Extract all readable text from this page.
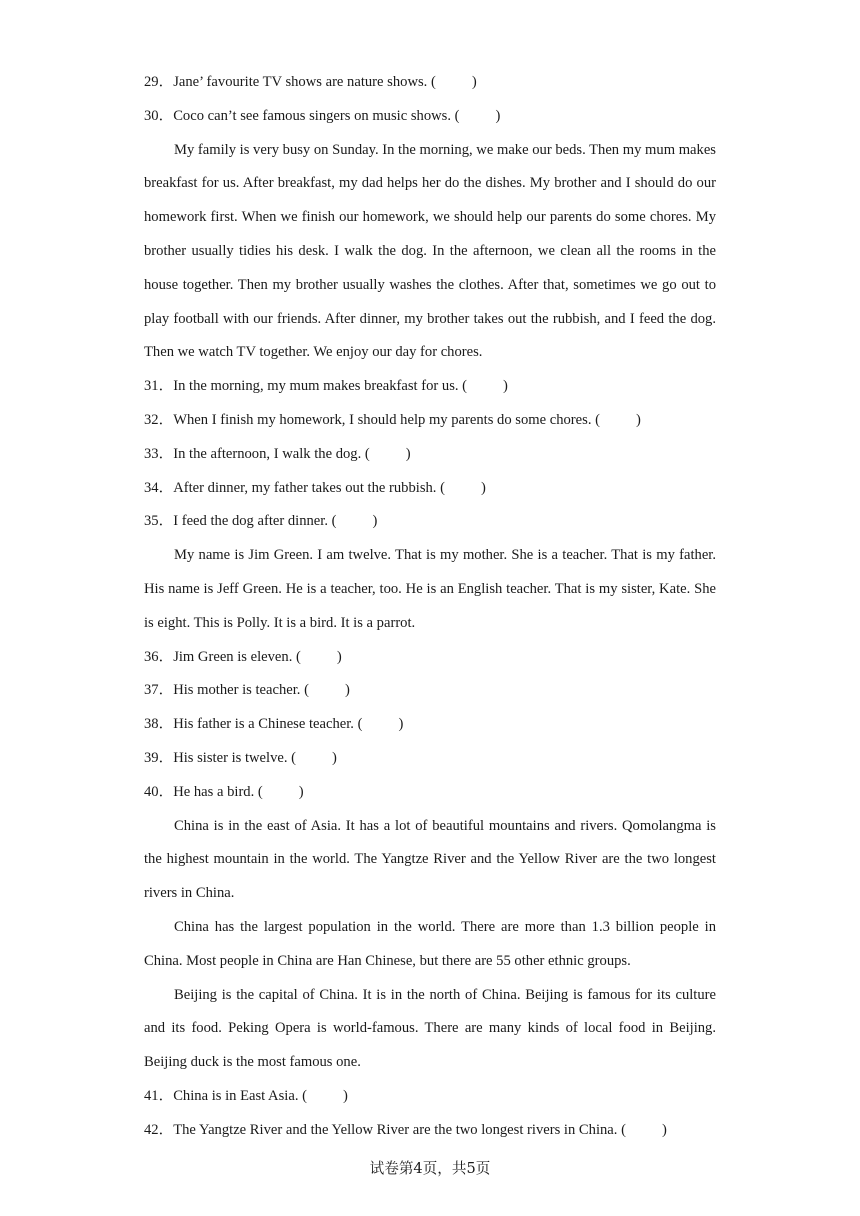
29．Jane’ favourite TV shows are nature shows. ( )

30．Coco can’t see famous singers on music shows. ( )

My family is very busy on Sunday. In the morning, we make our beds. Then my mum makes breakfast for us. After breakfast, my dad helps her do the dishes. My brother and I should do our homework first. When we finish our homework, we should help our parents do some chores. My brother usually tidies his desk. I walk the dog. In the afternoon, we clean all the rooms in the house together. Then my brother usually washes the clothes. After that, sometimes we go out to play football with our friends. After dinner, my brother takes out the rubbish, and I feed the dog. Then we watch TV together. We enjoy our day for chores.

31．In the morning, my mum makes breakfast for us. ( )

32．When I finish my homework, I should help my parents do some chores. ( )

33．In the afternoon, I walk the dog. ( )

34．After dinner, my father takes out the rubbish. ( )

35．I feed the dog after dinner. ( )

My name is Jim Green. I am twelve. That is my mother. She is a teacher. That is my father. His name is Jeff Green. He is a teacher, too. He is an English teacher. That is my sister, Kate. She is eight. This is Polly. It is a bird. It is a parrot.

36．Jim Green is eleven. ( )

37．His mother is teacher. ( )

38．His father is a Chinese teacher. ( )

39．His sister is twelve. ( )

40．He has a bird. ( )

China is in the east of Asia. It has a lot of beautiful mountains and rivers. Qomolangma is the highest mountain in the world. The Yangtze River and the Yellow River are the two longest rivers in China.

China has the largest population in the world. There are more than 1.3 billion people in China. Most people in China are Han Chinese, but there are 55 other ethnic groups.

Beijing is the capital of China. It is in the north of China. Beijing is famous for its culture and its food. Peking Opera is world-famous. There are many kinds of local food in Beijing. Beijing duck is the most famous one.

41．China is in East Asia. ( )

42．The Yangtze River and the Yellow River are the two longest rivers in China. ( )

试卷第4页，共5页
